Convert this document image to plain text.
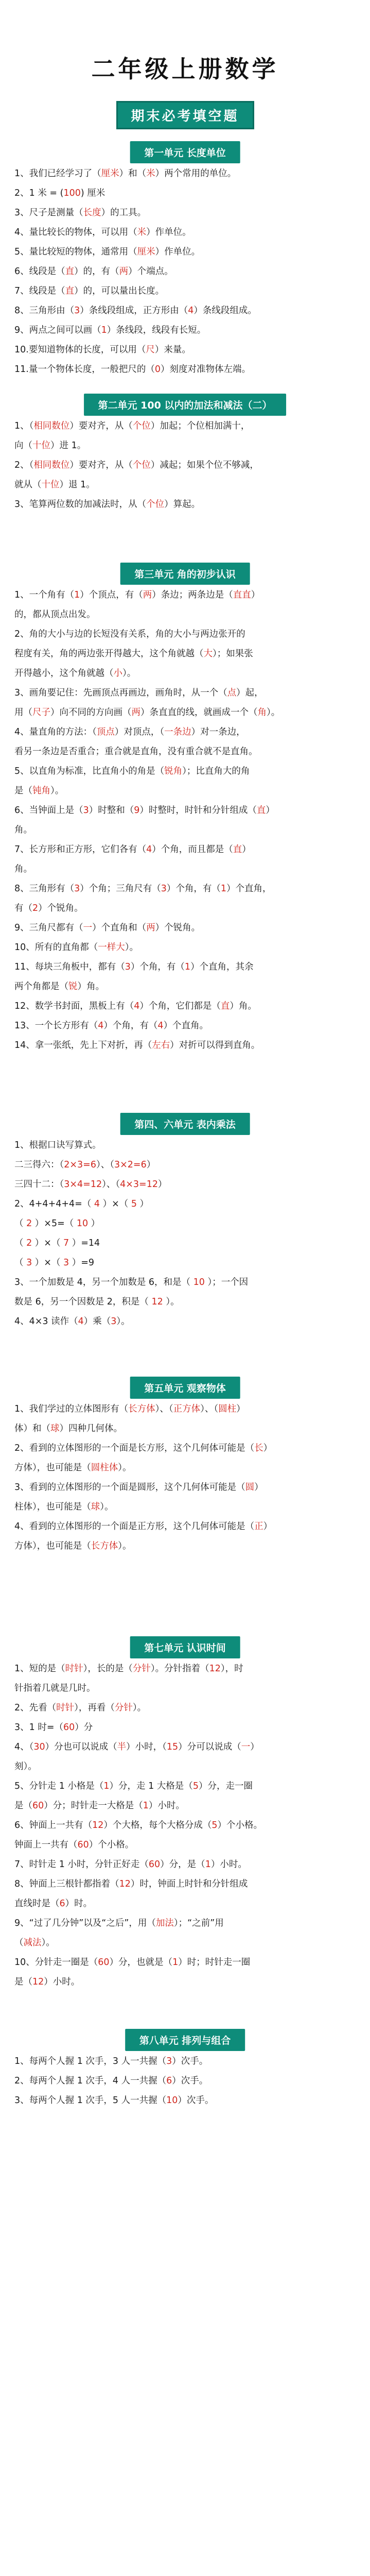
二年级上册数学
期末必考填空题
第一单元 长度单位

1、我们已经学习了（厘米）和（米）两个常用的单位。

2、1 米 = (100) 厘米

3、尺子是测量（长度）的工具。

4、量比较长的物体，可以用（米）作单位。

5、量比较短的物体，通常用（厘米）作单位。

6、线段是（直）的，有（两）个端点。

7、线段是（直）的，可以量出长度。

8、三角形由（3）条线段组成，正方形由（4）条线段组成。

9、两点之间可以画（1）条线段，线段有长短。

10.要知道物体的长度，可以用（尺）来量。

11.量一个物体长度，一般把尺的（0）刻度对准物体左端。

第二单元 100 以内的加法和减法（二）

1、（相同数位）要对齐，从（个位）加起；个位相加满十，

向（十位）进 1。

2、（相同数位）要对齐，从（个位）减起；如果个位不够减，

就从（十位）退 1。

3、笔算两位数的加减法时，从（个位）算起。

第三单元 角的初步认识

1、一个角有（1）个顶点，有（两）条边；两条边是（直直）

的，都从顶点出发。

2、角的大小与边的长短没有关系，角的大小与两边张开的

程度有关，角的两边张开得越大，这个角就越（大）；如果张

开得越小，这个角就越（小）。

3、画角要记住：先画顶点再画边，画角时，从一个（点）起，

用（尺子）向不同的方向画（两）条直直的线，就画成一个（角）。

4、量直角的方法：（顶点）对顶点，（一条边）对一条边，

看另一条边是否重合；重合就是直角，没有重合就不是直角。

5、以直角为标准，比直角小的角是（锐角）；比直角大的角

是（钝角）。

6、当钟面上是（3）时整和（9）时整时，时针和分针组成（直）

角。

7、长方形和正方形，它们各有（4）个角，而且都是（直）

角。

8、三角形有（3）个角；三角尺有（3）个角，有（1）个直角，

有（2）个锐角。

9、三角尺都有（一）个直角和（两）个锐角。

10、所有的直角都（一样大）。

11、每块三角板中，都有（3）个角，有（1）个直角，其余

两个角都是（锐）角。

12、数学书封面，黑板上有（4）个角，它们都是（直）角。

13、一个长方形有（4）个角，有（4）个直角。

14、拿一张纸，先上下对折，再（左右）对折可以得到直角。

第四、六单元 表内乘法

1、根据口诀写算式。

二三得六：（2×3=6）、（3×2=6）

三四十二：（3×4=12）、（4×3=12）

2、4+4+4+4=（ 4 ）×（ 5 ）

（ 2 ）×5=（ 10 ）

（ 2 ）×（ 7 ）=14

（ 3 ）×（ 3 ）=9

3、一个加数是 4，另一个加数是 6，和是（ 10 ）；一个因

数是 6，另一个因数是 2，积是（ 12 ）。

4、4×3 读作（4）乘（3）。

第五单元 观察物体

1、我们学过的立体图形有（长方体）、（正方体）、（圆柱）

体）和（球）四种几何体。

2、看到的立体图形的一个面是长方形，这个几何体可能是（长）

方体），也可能是（圆柱体）。

3、看到的立体图形的一个面是圆形，这个几何体可能是（圆）

柱体），也可能是（球）。

4、看到的立体图形的一个面是正方形，这个几何体可能是（正）

方体），也可能是（长方体）。

第七单元 认识时间

1、短的是（时针），长的是（分针）。分针指着（12），时

针指着几就是几时。

2、先看（时针），再看（分针）。

3、1 时=（60）分

4、（30）分也可以说成（半）小时，（15）分可以说成（一）

刻）。

5、分针走 1 小格是（1）分，走 1 大格是（5）分，走一圈

是（60）分；时针走一大格是（1）小时。

6、钟面上一共有（12）个大格，每个大格分成（5）个小格。

钟面上一共有（60）个小格。

7、时针走 1 小时，分针正好走（60）分，是（1）小时。

8、钟面上三根针都指着（12）时，钟面上时针和分针组成

直线时是（6）时。

9、“过了几分钟”以及“之后”，用（加法）；“之前”用

（减法）。

10、分针走一圈是（60）分，也就是（1）时；时针走一圈

是（12）小时。

第八单元 排列与组合

1、每两个人握 1 次手，3 人一共握（3）次手。

2、每两个人握 1 次手，4 人一共握（6）次手。

3、每两个人握 1 次手，5 人一共握（10）次手。
